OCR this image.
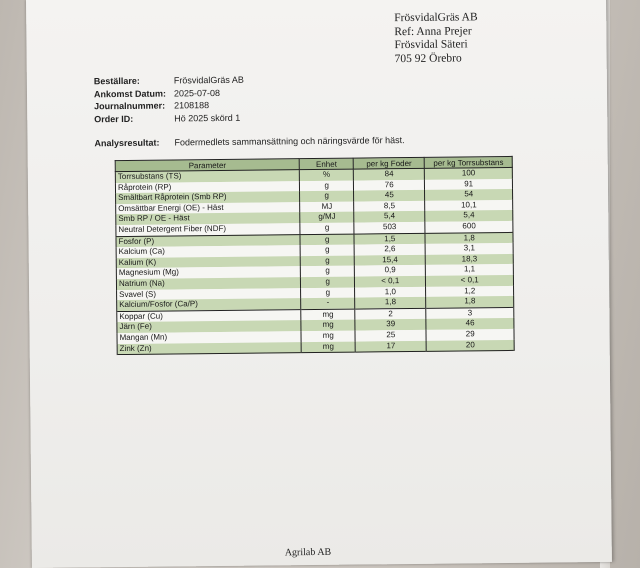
FrösvidalGräs AB
Ref: Anna Prejer
Frösvidal Säteri
705 92 Örebro
Beställare:	FrösvidalGräs AB
Ankomst Datum: 2025-07-08
Journalnummer: 2108188
Order ID:	Hö 2025 skörd 1
Analysresultat:	Fodermedlets sammansättning och näringsvärde för häst.
Parameter	Enhet	per kg Foder	per kg Torrsubstans
Torrsubstans (TS)	%	84	100
Råprotein (RP)	g	76	91
Smältbart Råprotein (Smb RP)	g	45	54
Omsättbar Energi (OE) - Häst	MJ	8,5	10,1
Smb RP / OE - Häst	g/MJ	5,4	5,4
Neutral Detergent Fiber (NDF)	g	503	600
Fosfor (P)	g	1,5	1,8
Kalcium (Ca)	g	2,6	3,1
Kalium (K)	g	15,4	18,3
Magnesium (Mg)	g	0,9	1,1
Natrium (Na)	g	< 0,1	< 0,1
Svavel (S)	g	1,0	1,2
Kalcium/Fosfor (Ca/P)	-	1,8	1,8
Koppar (Cu)	mg	2	3
Järn (Fe)	mg	39	46
Mangan (Mn)	mg	25	29
Zink (Zn)	mg	17	20
Agrilab AB
